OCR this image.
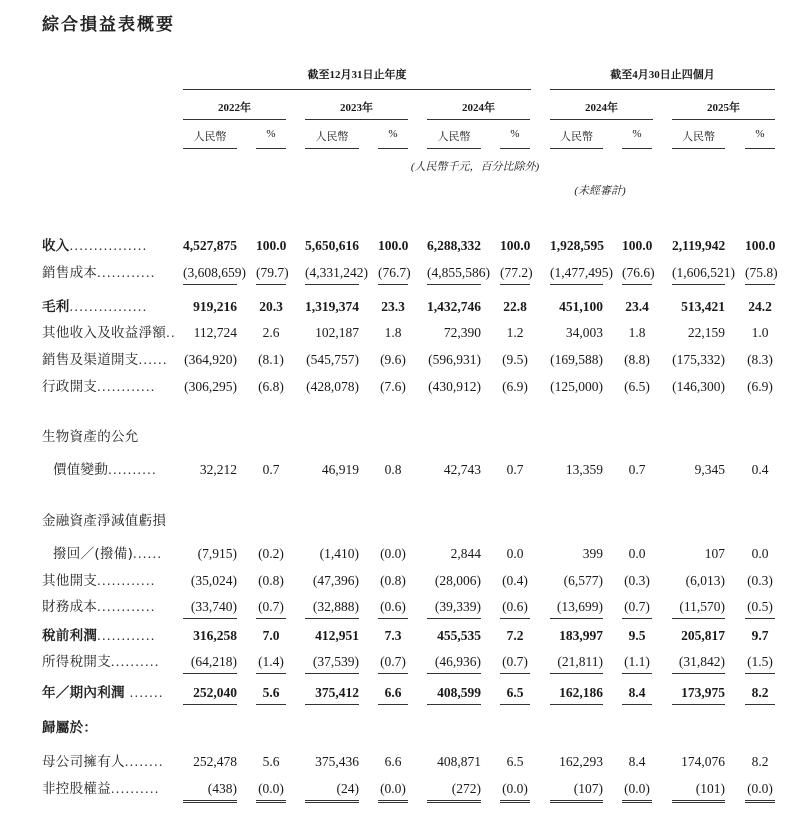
綜合損益表概要
截至12月31日止年度	截至4月30日止四個月
2022年	2023年	2024年	2024年	2025年
人民幣	%	人民幣	%	人民幣	%	人民幣	%	人民幣	%
(人民幣千元，百分比除外)
(未經審計)
收入................	4,527,875 100.0 5,650,616 100.0 6,288,332 100.0 1,928,595 100.0 2,119,942 100.0
銷售成本............ (3,608,659) (79.7) (4,331,242) (76.7) (4,855,586) (77.2) (1,477,495) (76.6) (1,606,521) (75.8)
毛利................	919,216 20.3 1,319,374 23.3 1,432,746 22.8	451,100 23.4	513,421 24.2
其他收入及收益淨額..	112,724	2.6	102,187	1.8	72,390	1.2	34,003	1.8	22,159	1.0
銷售及渠道開支...... (364,920) (8.1) (545,757) (9.6) (596,931) (9.5) (169,588) (8.8) (175,332) (8.3)
行政開支............ (306,295) (6.8) (428,078) (7.6) (430,912) (6.9) (125,000) (6.5) (146,300) (6.9)
生物資產的公允
價值變動..........	32,212	0.7	46,919	0.8	42,743	0.7	13,359	0.7	9,345	0.4
金融資產淨減值虧損
撥回／(撥備)......	(7,915) (0.2)	(1,410) (0.0)	2,844	0.0	399	0.0	107	0.0
其他開支............	(35,024) (0.8)	(47,396) (0.8)	(28,006) (0.4)	(6,577) (0.3)	(6,013) (0.3)
財務成本............	(33,740) (0.7)	(32,888) (0.6)	(39,339) (0.6)	(13,699) (0.7)	(11,570) (0.5)
稅前利潤............	316,258	7.0	412,951	7.3	455,535	7.2	183,997	9.5	205,817	9.7
所得稅開支..........	(64,218) (1.4)	(37,539) (0.7)	(46,936) (0.7)	(21,811) (1.1)	(31,842) (1.5)
年／期內利潤 .......	252,040	5.6	375,412	6.6	408,599	6.5	162,186	8.4	173,975	8.2
歸屬於：
母公司擁有人........	252,478	5.6	375,436	6.6	408,871	6.5	162,293	8.4	174,076	8.2
非控股權益..........	(438) (0.0)	(24) (0.0)	(272) (0.0)	(107) (0.0)	(101) (0.0)
